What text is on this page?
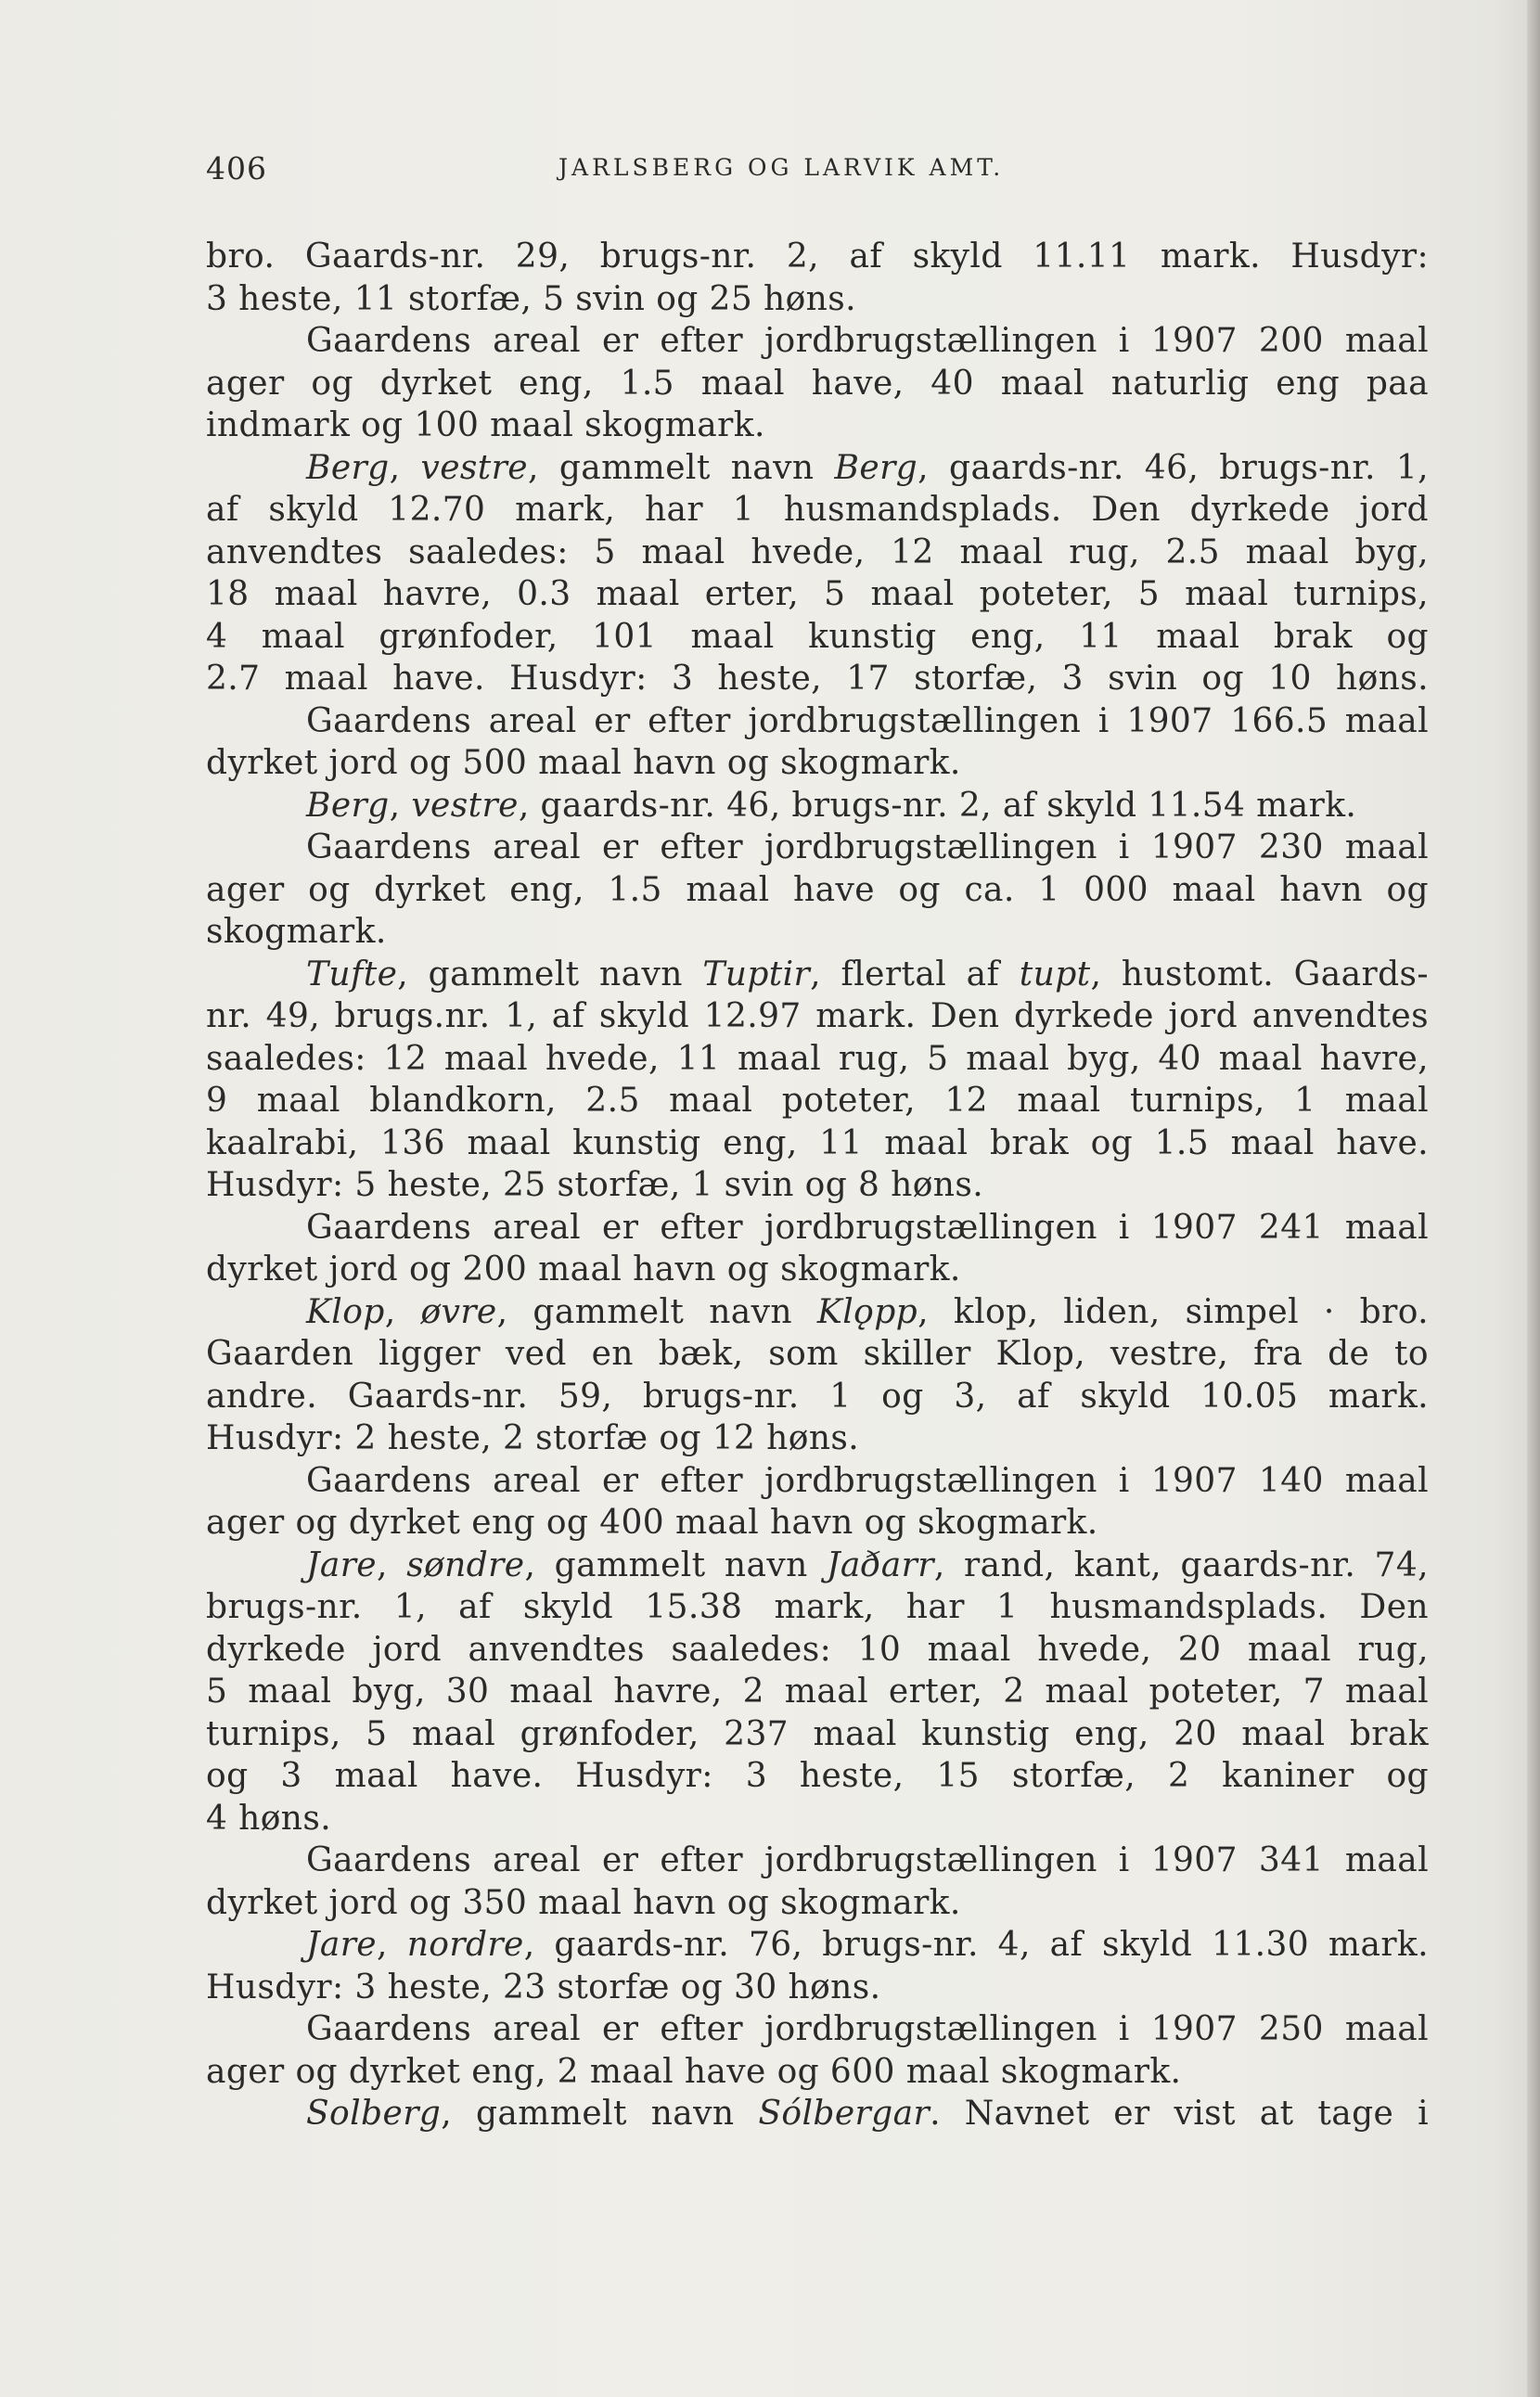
406	JARLSBERG OG LARVIK AMT.
bro. Gaards-nr. 29, brugs-nr. 2, af skyld 11.11 mark. Husdyr:
3 heste, 11 storfæ, 5 svin og 25 høns.
Gaardens areal er efter jordbrugstællingen i 1907 200 maal
ager og dyrket eng, 1.5 maal have, 40 maal naturlig eng paa
indmark og 100 maal skogmark.
Berg, vestre, gammelt navn Berg, gaards-nr. 46, brugs-nr. 1,
af skyld 12.70 mark, har 1 husmandsplads. Den dyrkede jord
anvendtes saaledes: 5 maal hvede, 12 maal rug, 2.5 maal byg,
18 maal havre, 0.3 maal erter, 5 maal poteter, 5 maal turnips,
4 maal grønfoder, 101 maal kunstig eng, 11 maal brak og
2.7 maal have. Husdyr: 3 heste, 17 storfæ, 3 svin og 10 høns.
Gaardens areal er efter jordbrugstællingen i 1907 166.5 maal
dyrket jord og 500 maal havn og skogmark.
Berg, vestre, gaards-nr. 46, brugs-nr. 2, af skyld 11.54 mark.
Gaardens areal er efter jordbrugstællingen i 1907 230 maal
ager og dyrket eng, 1.5 maal have og ca. 1 000 maal havn og
skogmark.
Tufte, gammelt navn Tuptir, flertal af tupt, hustomt. Gaards-
nr. 49, brugs.nr. 1, af skyld 12.97 mark. Den dyrkede jord anvendtes
saaledes: 12 maal hvede, 11 maal rug, 5 maal byg, 40 maal havre,
9 maal blandkorn, 2.5 maal poteter, 12 maal turnips, 1 maal
kaalrabi, 136 maal kunstig eng, 11 maal brak og 1.5 maal have.
Husdyr: 5 heste, 25 storfæ, 1 svin og 8 høns.
Gaardens areal er efter jordbrugstællingen i 1907 241 maal
dyrket jord og 200 maal havn og skogmark.
Klop, øvre, gammelt navn Klǫpp, klop, liden, simpel · bro.
Gaarden ligger ved en bæk, som skiller Klop, vestre, fra de to
andre. Gaards-nr. 59, brugs-nr. 1 og 3, af skyld 10.05 mark.
Husdyr: 2 heste, 2 storfæ og 12 høns.
Gaardens areal er efter jordbrugstællingen i 1907 140 maal
ager og dyrket eng og 400 maal havn og skogmark.
Jare, søndre, gammelt navn Jaðarr, rand, kant, gaards-nr. 74,
brugs-nr. 1, af skyld 15.38 mark, har 1 husmandsplads. Den
dyrkede jord anvendtes saaledes: 10 maal hvede, 20 maal rug,
5 maal byg, 30 maal havre, 2 maal erter, 2 maal poteter, 7 maal
turnips, 5 maal grønfoder, 237 maal kunstig eng, 20 maal brak
og 3 maal have. Husdyr: 3 heste, 15 storfæ, 2 kaniner og
4 høns.
Gaardens areal er efter jordbrugstællingen i 1907 341 maal
dyrket jord og 350 maal havn og skogmark.
Jare, nordre, gaards-nr. 76, brugs-nr. 4, af skyld 11.30 mark.
Husdyr: 3 heste, 23 storfæ og 30 høns.
Gaardens areal er efter jordbrugstællingen i 1907 250 maal
ager og dyrket eng, 2 maal have og 600 maal skogmark.
Solberg, gammelt navn Sólbergar. Navnet er vist at tage i
